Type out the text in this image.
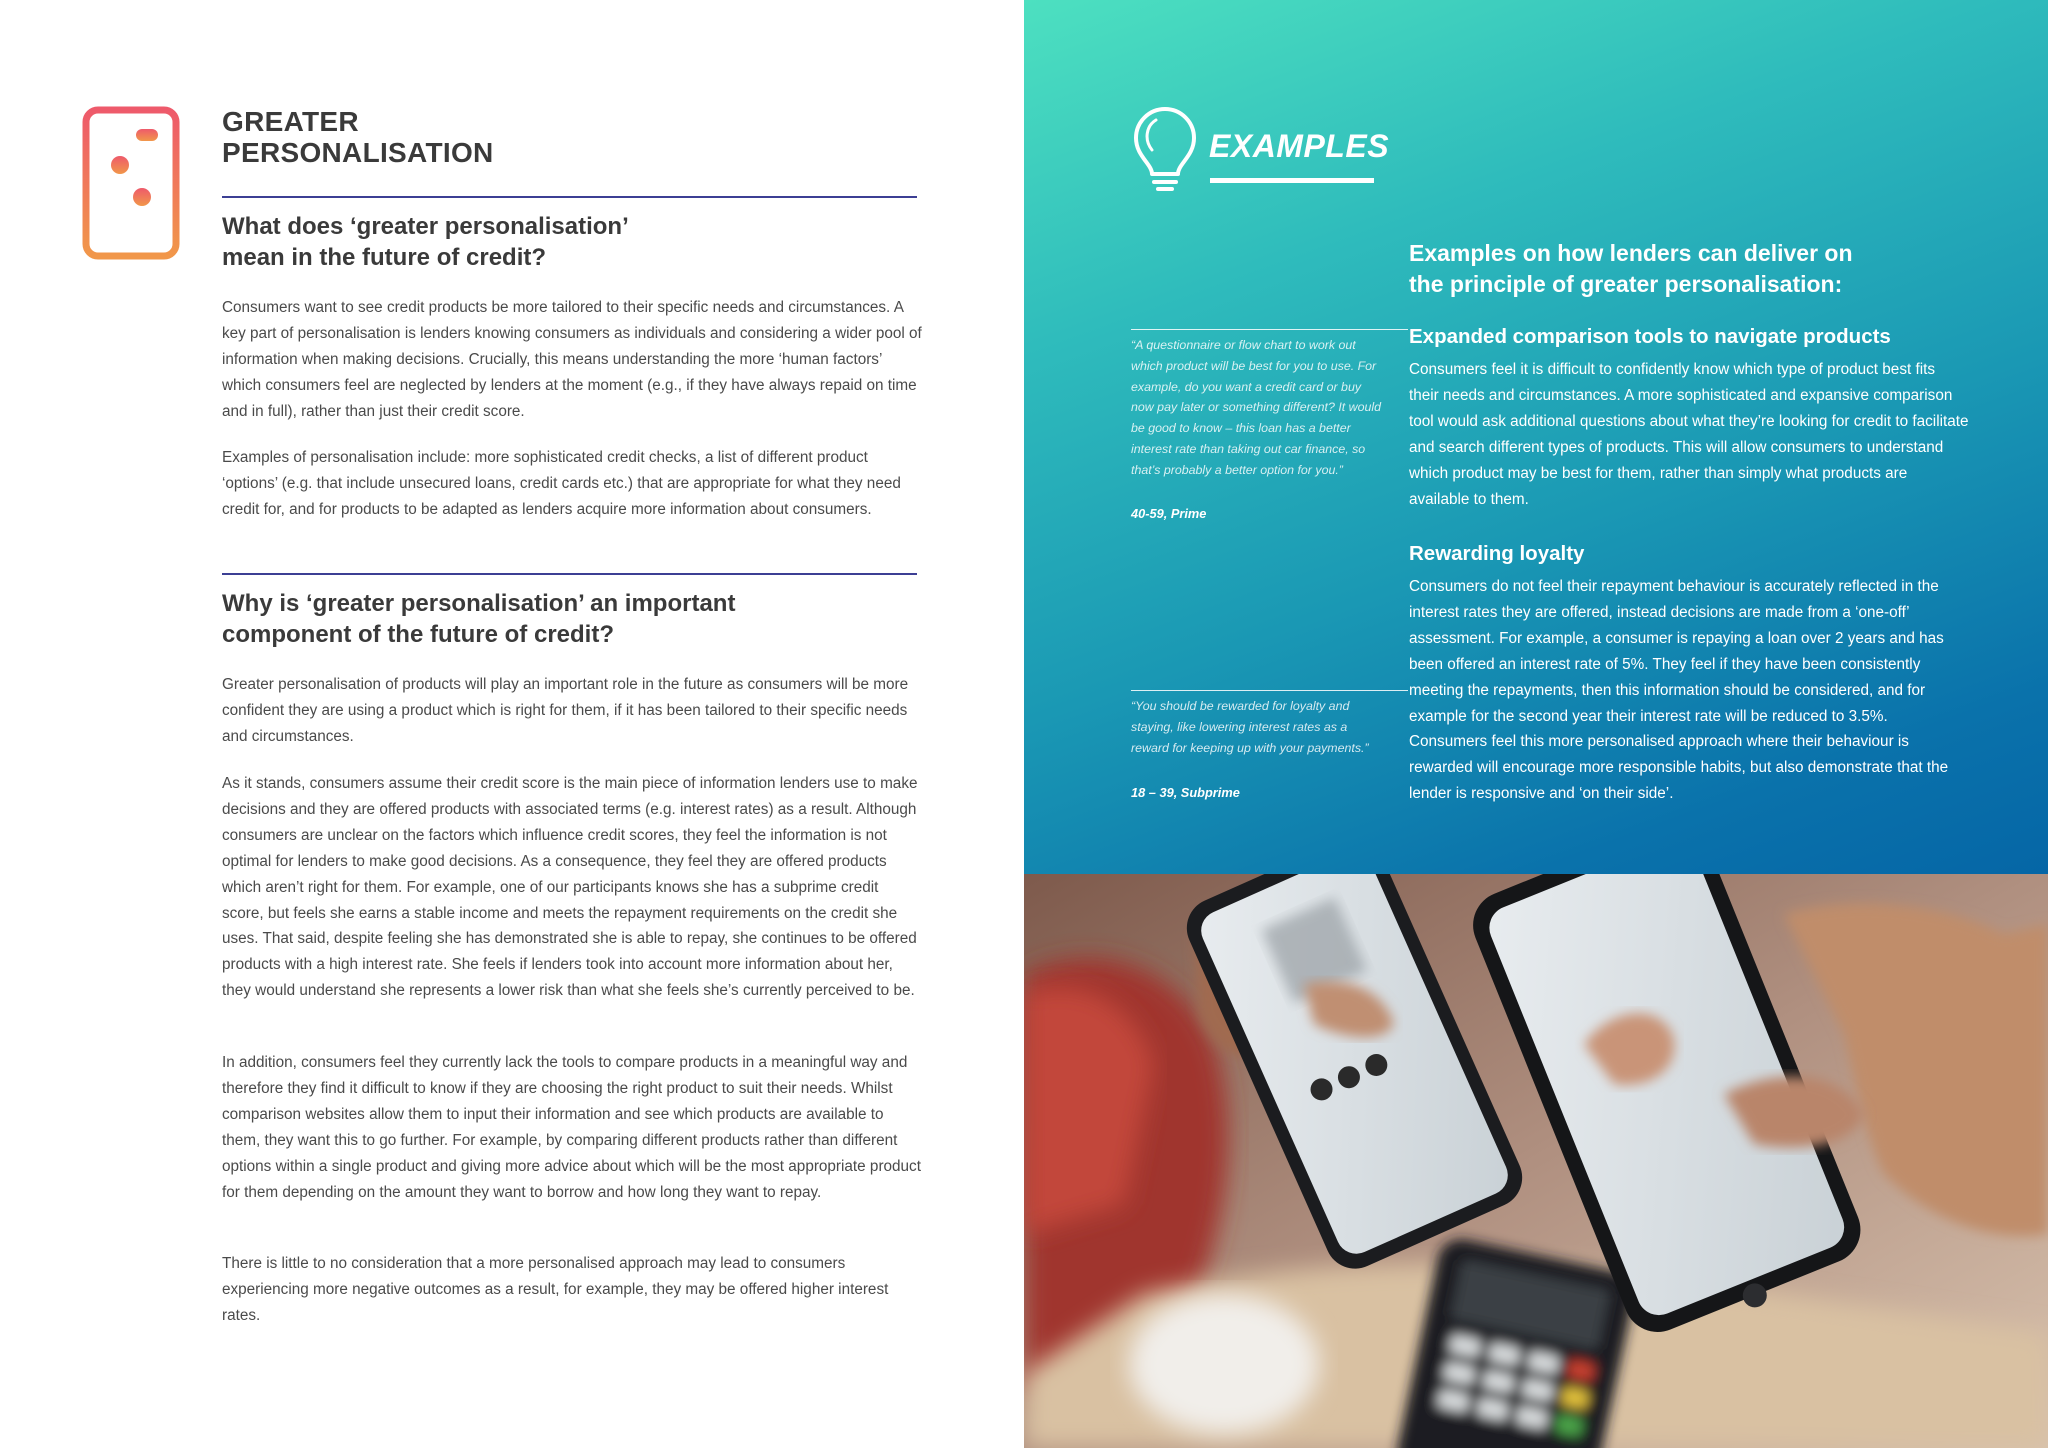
GREATER
PERSONALISATION
What does ‘greater personalisation’
mean in the future of credit?

Consumers want to see credit products be more tailored to their specific needs and circumstances. A key part of personalisation is lenders knowing consumers as individuals and considering a wider pool of information when making decisions. Crucially, this means understanding the more ‘human factors’ which consumers feel are neglected by lenders at the moment (e.g., if they have always repaid on time and in full), rather than just their credit score.

Examples of personalisation include: more sophisticated credit checks, a list of different product ‘options’ (e.g. that include unsecured loans, credit cards etc.) that are appropriate for what they need credit for, and for products to be adapted as lenders acquire more information about consumers.

Why is ‘greater personalisation’ an important
component of the future of credit?

Greater personalisation of products will play an important role in the future as consumers will be more confident they are using a product which is right for them, if it has been tailored to their specific needs and circumstances.

As it stands, consumers assume their credit score is the main piece of information lenders use to make decisions and they are offered products with associated terms (e.g. interest rates) as a result. Although consumers are unclear on the factors which influence credit scores, they feel the information is not optimal for lenders to make good decisions. As a consequence, they feel they are offered products which aren’t right for them. For example, one of our participants knows she has a subprime credit score, but feels she earns a stable income and meets the repayment requirements on the credit she uses. That said, despite feeling she has demonstrated she is able to repay, she continues to be offered products with a high interest rate. She feels if lenders took into account more information about her, they would understand she represents a lower risk than what she feels she’s currently perceived to be.

In addition, consumers feel they currently lack the tools to compare products in a meaningful way and therefore they find it difficult to know if they are choosing the right product to suit their needs. Whilst comparison websites allow them to input their information and see which products are available to them, they want this to go further. For example, by comparing different products rather than different options within a single product and giving more advice about which will be the most appropriate product for them depending on the amount they want to borrow and how long they want to repay.

There is little to no consideration that a more personalised approach may lead to consumers experiencing more negative outcomes as a result, for example, they may be offered higher interest rates.

EXAMPLES
Examples on how lenders can deliver on
the principle of greater personalisation:
Expanded comparison tools to navigate products

Consumers feel it is difficult to confidently know which type of product best fits their needs and circumstances. A more sophisticated and expansive comparison tool would ask additional questions about what they’re looking for credit to facilitate and search different types of products. This will allow consumers to understand which product may be best for them, rather than simply what products are available to them.

Rewarding loyalty

Consumers do not feel their repayment behaviour is accurately reflected in the interest rates they are offered, instead decisions are made from a ‘one-off’ assessment. For example, a consumer is repaying a loan over 2 years and has been offered an interest rate of 5%. They feel if they have been consistently meeting the repayments, then this information should be considered, and for example for the second year their interest rate will be reduced to 3.5%. Consumers feel this more personalised approach where their behaviour is rewarded will encourage more responsible habits, but also demonstrate that the lender is responsive and ‘on their side’.

“A questionnaire or flow chart to work out which product will be best for you to use. For example, do you want a credit card or buy now pay later or something different? It would be good to know – this loan has a better interest rate than taking out car finance, so that’s probably a better option for you.”

40-59, Prime

“You should be rewarded for loyalty and staying, like lowering interest rates as a reward for keeping up with your payments.”

18 – 39, Subprime
